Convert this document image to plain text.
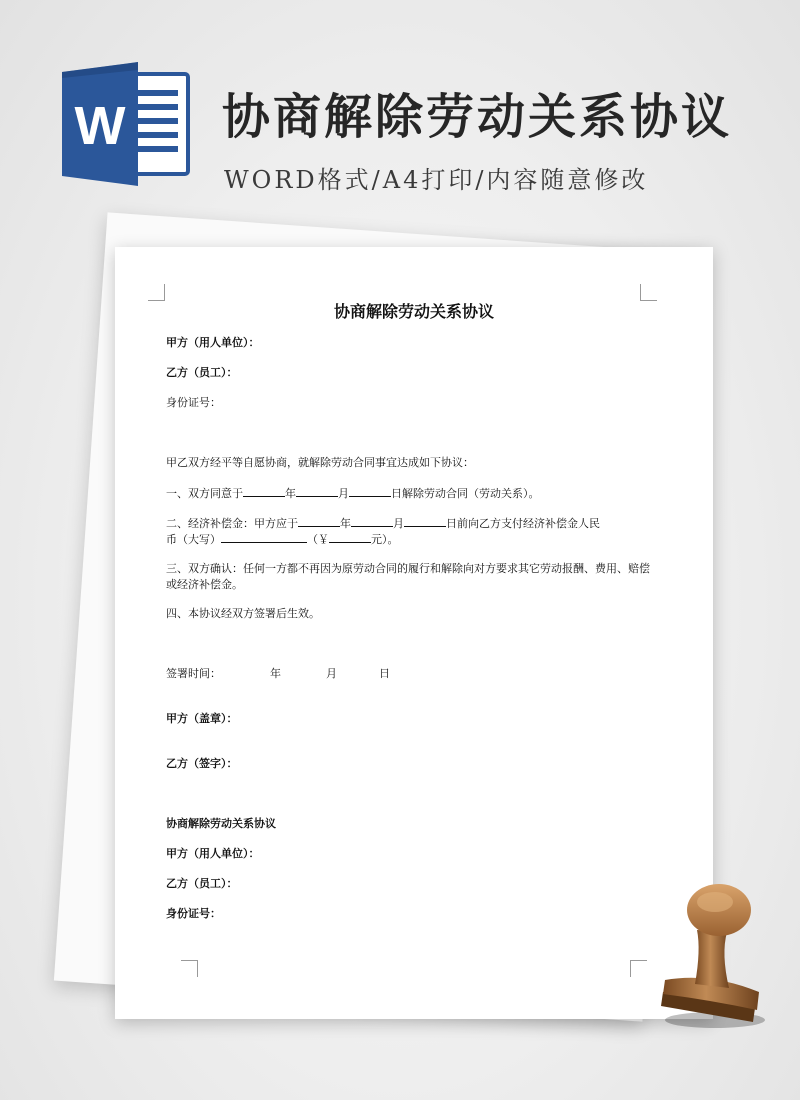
W 协商解除劳动关系协议
WORD格式/A4打印/内容随意修改
协商解除劳动关系协议
甲方（用人单位）：
乙方（员工）：
身份证号：
甲乙双方经平等自愿协商，就解除劳动合同事宜达成如下协议：
一、双方同意于	年	月	日解除劳动合同（劳动关系）。
二、经济补偿金：甲方应于	年	月	日前向乙方支付经济补偿金人民
币（大写）	（￥	元）。
三、双方确认：任何一方都不再因为原劳动合同的履行和解除向对方要求其它劳动报酬、费用、赔偿或经济补偿金。
四、本协议经双方签署后生效。
签署时间：	年	月	日
甲方（盖章）：
乙方（签字）：
协商解除劳动关系协议
甲方（用人单位）：
乙方（员工）：
身份证号：
